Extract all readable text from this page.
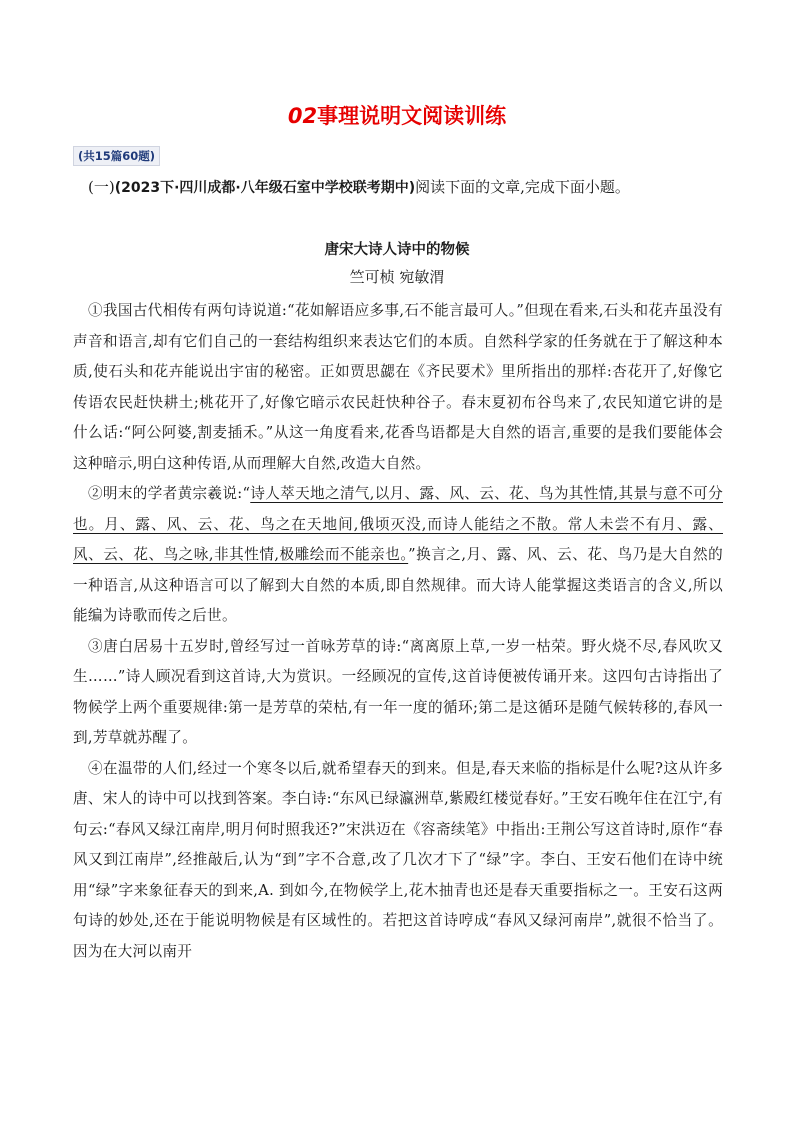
02事理说明文阅读训练
(共15篇60题)
(一)(2023下·四川成都·八年级石室中学校联考期中)阅读下面的文章,完成下面小题。
唐宋大诗人诗中的物候
竺可桢 宛敏渭

①我国古代相传有两句诗说道:“花如解语应多事,石不能言最可人。”但现在看来,石头和花卉虽没有声音和语言,却有它们自己的一套结构组织来表达它们的本质。自然科学家的任务就在于了解这种本质,使石头和花卉能说出宇宙的秘密。正如贾思勰在《齐民要术》里所指出的那样:杏花开了,好像它传语农民赶快耕土;桃花开了,好像它暗示农民赶快种谷子。春末夏初布谷鸟来了,农民知道它讲的是什么话:“阿公阿婆,割麦插禾。”从这一角度看来,花香鸟语都是大自然的语言,重要的是我们要能体会这种暗示,明白这种传语,从而理解大自然,改造大自然。

②明末的学者黄宗羲说:“诗人萃天地之清气,以月、露、风、云、花、鸟为其性情,其景与意不可分也。月、露、风、云、花、鸟之在天地间,俄顷灭没,而诗人能结之不散。常人未尝不有月、露、风、云、花、鸟之咏,非其性情,极雕绘而不能亲也。”换言之,月、露、风、云、花、鸟乃是大自然的一种语言,从这种语言可以了解到大自然的本质,即自然规律。而大诗人能掌握这类语言的含义,所以能编为诗歌而传之后世。

③唐白居易十五岁时,曾经写过一首咏芳草的诗:“离离原上草,一岁一枯荣。野火烧不尽,春风吹又生……”诗人顾况看到这首诗,大为赏识。一经顾况的宣传,这首诗便被传诵开来。这四句古诗指出了物候学上两个重要规律:第一是芳草的荣枯,有一年一度的循环;第二是这循环是随气候转移的,春风一到,芳草就苏醒了。

④在温带的人们,经过一个寒冬以后,就希望春天的到来。但是,春天来临的指标是什么呢?这从许多唐、宋人的诗中可以找到答案。李白诗:“东风已绿瀛洲草,紫殿红楼觉春好。”王安石晚年住在江宁,有句云:“春风又绿江南岸,明月何时照我还?”宋洪迈在《容斋续笔》中指出:王荆公写这首诗时,原作“春风又到江南岸”,经推敲后,认为“到”字不合意,改了几次才下了“绿”字。李白、王安石他们在诗中统用“绿”字来象征春天的到来,A. 到如今,在物候学上,花木抽青也还是春天重要指标之一。王安石这两句诗的妙处,还在于能说明物候是有区域性的。若把这首诗哼成“春风又绿河南岸”,就很不恰当了。因为在大河以南开
